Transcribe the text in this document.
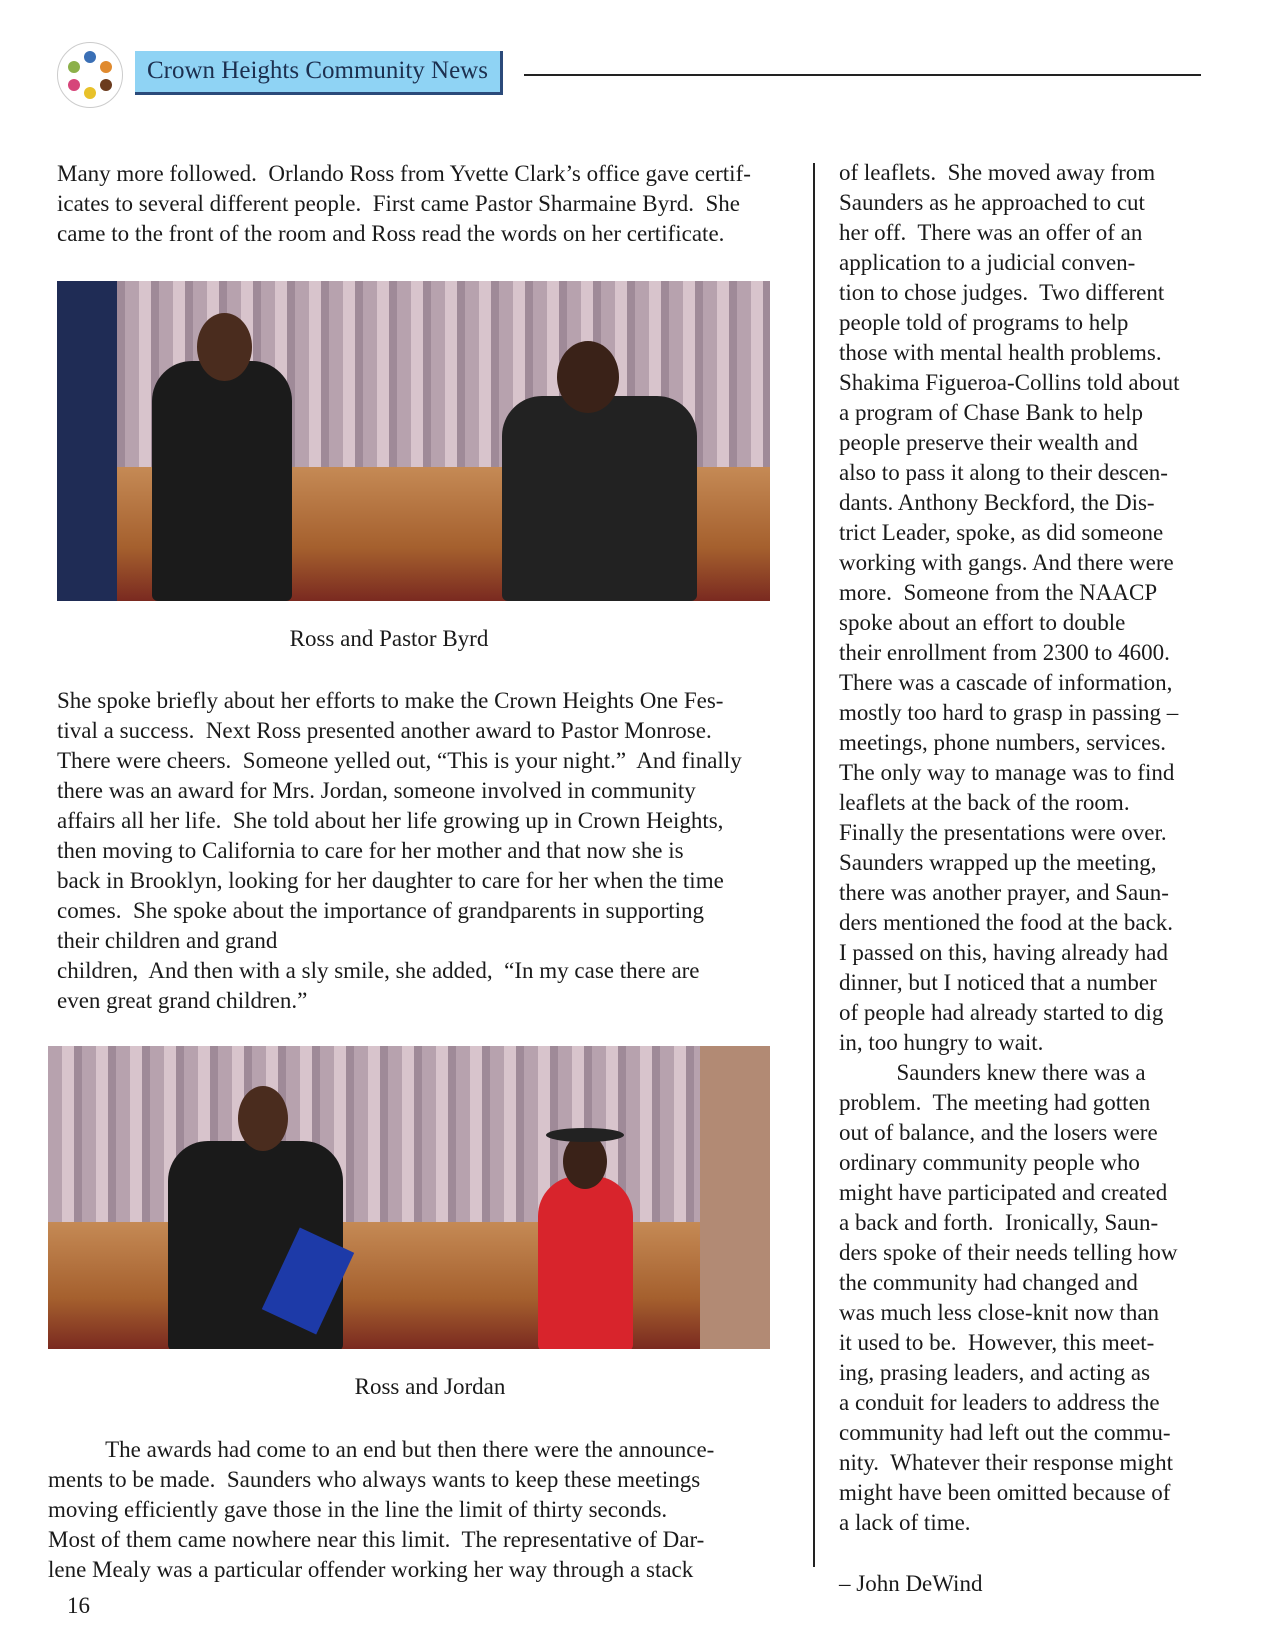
Crown Heights Community News
Many more followed.  Orlando Ross from Yvette Clark’s office gave certif-
icates to several different people.  First came Pastor Sharmaine Byrd.  She
came to the front of the room and Ross read the words on her certificate.
Ross and Pastor Byrd
She spoke briefly about her efforts to make the Crown Heights One Fes-
tival a success.  Next Ross presented another award to Pastor Monrose.
There were cheers.  Someone yelled out, “This is your night.”  And finally
there was an award for Mrs. Jordan, someone involved in community
affairs all her life.  She told about her life growing up in Crown Heights,
then moving to California to care for her mother and that now she is
back in Brooklyn, looking for her daughter to care for her when the time
comes.  She spoke about the importance of grandparents in supporting
their children and grand
children,  And then with a sly smile, she added,  “In my case there are
even great grand children.”
Ross and Jordan
The awards had come to an end but then there were the announce-
ments to be made.  Saunders who always wants to keep these meetings
moving efficiently gave those in the line the limit of thirty seconds.
Most of them came nowhere near this limit.  The representative of Dar-
lene Mealy was a particular offender working her way through a stack
of leaflets.  She moved away from
Saunders as he approached to cut
her off.  There was an offer of an
application to a judicial conven-
tion to chose judges.  Two different
people told of programs to help
those with mental health problems.
Shakima Figueroa-Collins told about
a program of Chase Bank to help
people preserve their wealth and
also to pass it along to their descen-
dants. Anthony Beckford, the Dis-
trict Leader, spoke, as did someone
working with gangs. And there were
more.  Someone from the NAACP
spoke about an effort to double
their enrollment from 2300 to 4600.
There was a cascade of information,
mostly too hard to grasp in passing –
meetings, phone numbers, services.
The only way to manage was to find
leaflets at the back of the room.
Finally the presentations were over.
Saunders wrapped up the meeting,
there was another prayer, and Saun-
ders mentioned the food at the back.
I passed on this, having already had
dinner, but I noticed that a number
of people had already started to dig
in, too hungry to wait.
Saunders knew there was a
problem.  The meeting had gotten
out of balance, and the losers were
ordinary community people who
might have participated and created
a back and forth.  Ironically, Saun-
ders spoke of their needs telling how
the community had changed and
was much less close-knit now than
it used to be.  However, this meet-
ing, prasing leaders, and acting as
a conduit for leaders to address the
community had left out the commu-
nity.  Whatever their response might
might have been omitted because of
a lack of time.
– John DeWind
16
